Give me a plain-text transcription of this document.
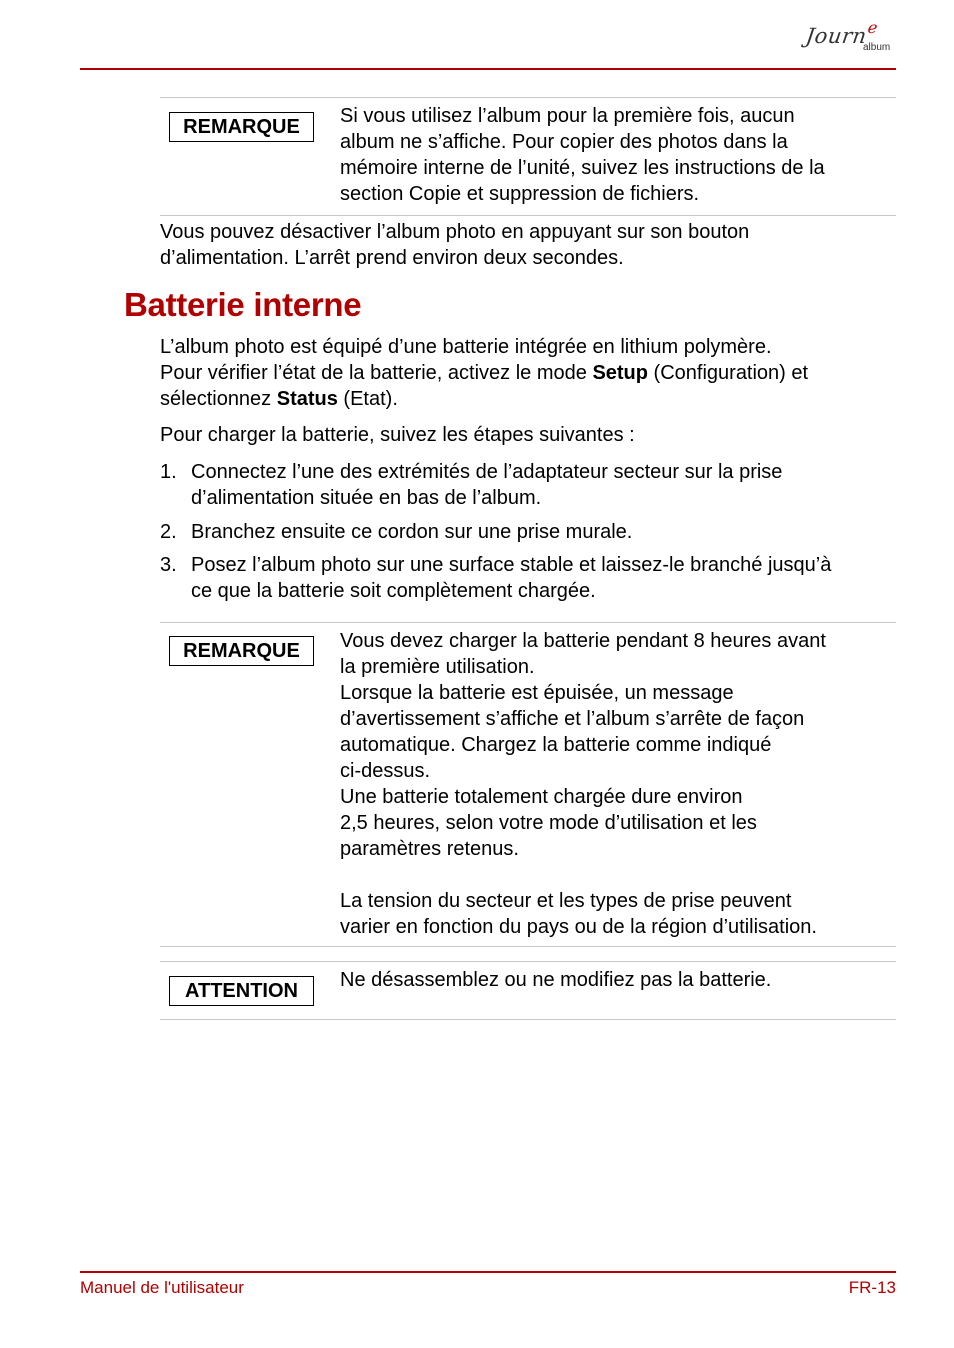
Journ$^e$
album
REMARQUE	Si vous utilisez l’album pour la première fois, aucun
album ne s’affiche. Pour copier des photos dans la
mémoire interne de l’unité, suivez les instructions de la
section Copie et suppression de fichiers.
Vous pouvez désactiver l’album photo en appuyant sur son bouton
d’alimentation. L’arrêt prend environ deux secondes.
Batterie interne
L’album photo est équipé d’une batterie intégrée en lithium polymère.
Pour vérifier l’état de la batterie, activez le mode Setup (Configuration) et
sélectionnez Status (Etat).
Pour charger la batterie, suivez les étapes suivantes :
1. Connectez l’une des extrémités de l’adaptateur secteur sur la prise
d’alimentation située en bas de l’album.
2. Branchez ensuite ce cordon sur une prise murale.
3. Posez l’album photo sur une surface stable et laissez-le branché jusqu’à
ce que la batterie soit complètement chargée.
REMARQUE	Vous devez charger la batterie pendant 8 heures avant
la première utilisation.
Lorsque la batterie est épuisée, un message
d’avertissement s’affiche et l’album s’arrête de façon
automatique. Chargez la batterie comme indiqué
ci-dessus.
Une batterie totalement chargée dure environ
2,5 heures, selon votre mode d’utilisation et les
paramètres retenus.
La tension du secteur et les types de prise peuvent
varier en fonction du pays ou de la région d’utilisation.
ATTENTION	Ne désassemblez ou ne modifiez pas la batterie.
Manuel de l'utilisateur	FR-13
